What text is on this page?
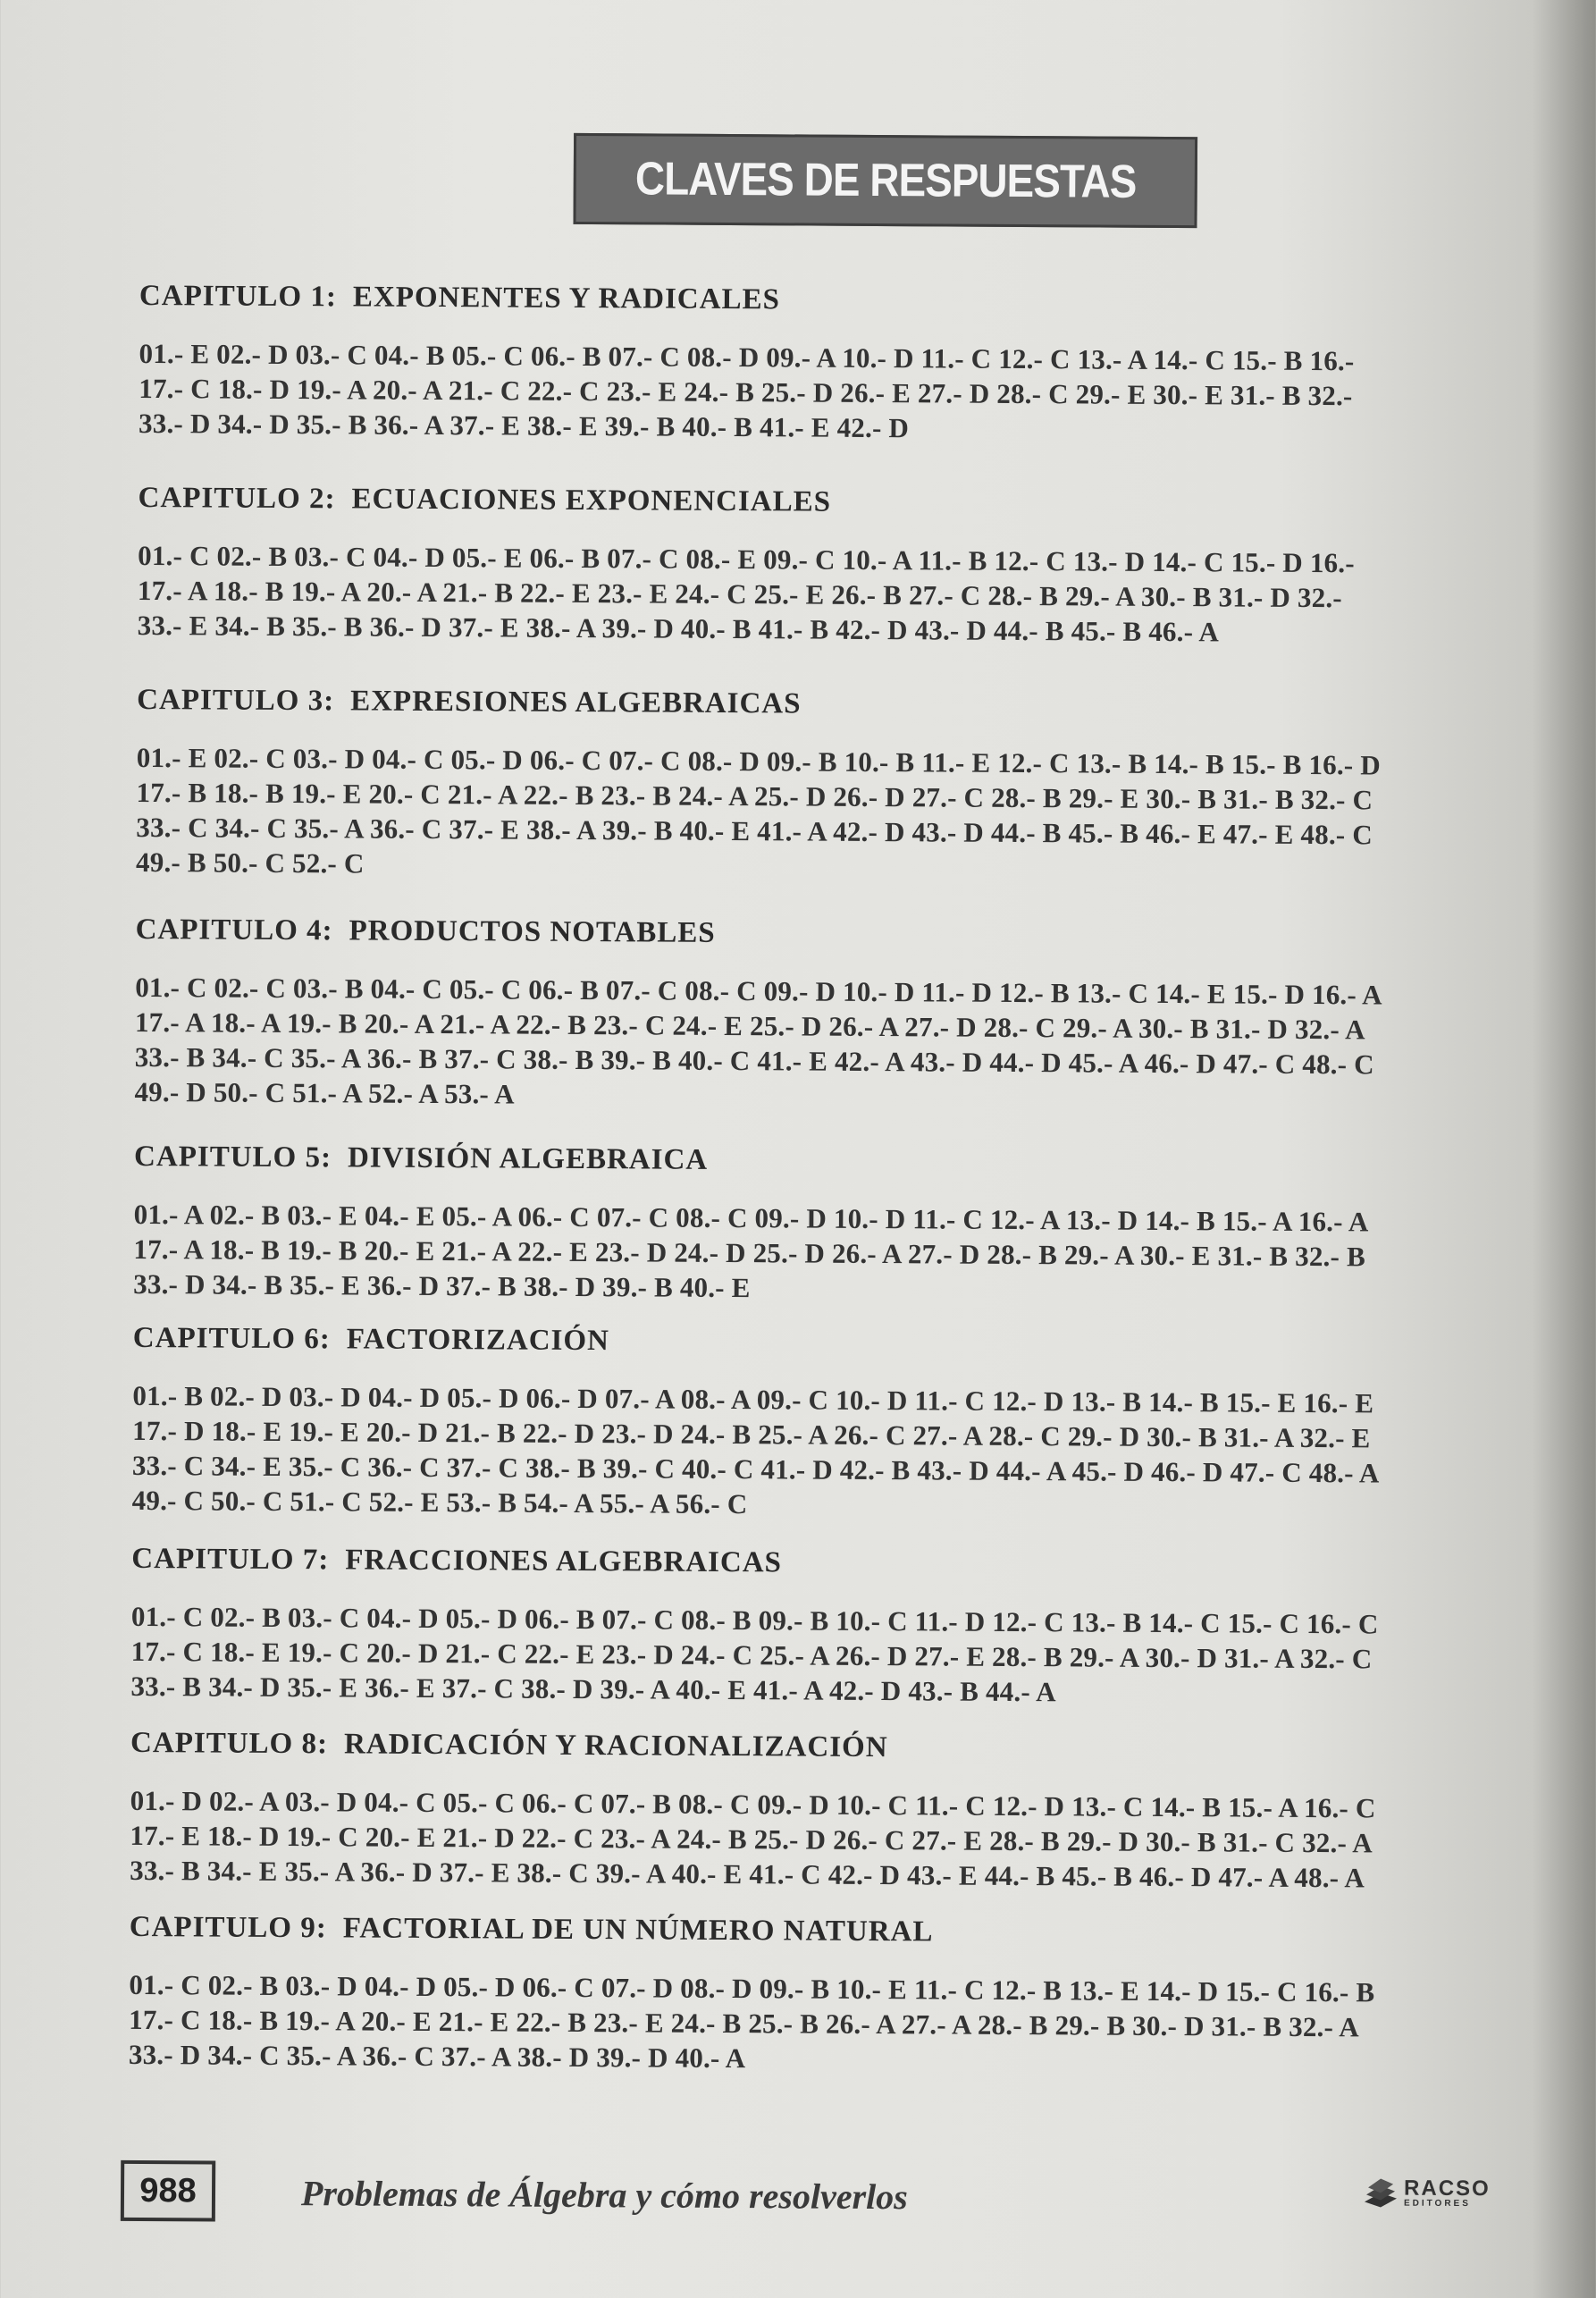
CLAVES DE RESPUESTAS
CAPITULO 1: EXPONENTES Y RADICALES
01.- E 02.- D 03.- C 04.- B 05.- C 06.- B 07.- C 08.- D 09.- A 10.- D 11.- C 12.- C 13.- A 14.- C 15.- B 16.-
17.- C 18.- D 19.- A 20.- A 21.- C 22.- C 23.- E 24.- B 25.- D 26.- E 27.- D 28.- C 29.- E 30.- E 31.- B 32.-
33.- D 34.- D 35.- B 36.- A 37.- E 38.- E 39.- B 40.- B 41.- E 42.- D
CAPITULO 2: ECUACIONES EXPONENCIALES
01.- C 02.- B 03.- C 04.- D 05.- E 06.- B 07.- C 08.- E 09.- C 10.- A 11.- B 12.- C 13.- D 14.- C 15.- D 16.-
17.- A 18.- B 19.- A 20.- A 21.- B 22.- E 23.- E 24.- C 25.- E 26.- B 27.- C 28.- B 29.- A 30.- B 31.- D 32.-
33.- E 34.- B 35.- B 36.- D 37.- E 38.- A 39.- D 40.- B 41.- B 42.- D 43.- D 44.- B 45.- B 46.- A
CAPITULO 3: EXPRESIONES ALGEBRAICAS
01.- E 02.- C 03.- D 04.- C 05.- D 06.- C 07.- C 08.- D 09.- B 10.- B 11.- E 12.- C 13.- B 14.- B 15.- B 16.- D
17.- B 18.- B 19.- E 20.- C 21.- A 22.- B 23.- B 24.- A 25.- D 26.- D 27.- C 28.- B 29.- E 30.- B 31.- B 32.- C
33.- C 34.- C 35.- A 36.- C 37.- E 38.- A 39.- B 40.- E 41.- A 42.- D 43.- D 44.- B 45.- B 46.- E 47.- E 48.- C
49.- B 50.- C 52.- C
CAPITULO 4: PRODUCTOS NOTABLES
01.- C 02.- C 03.- B 04.- C 05.- C 06.- B 07.- C 08.- C 09.- D 10.- D 11.- D 12.- B 13.- C 14.- E 15.- D 16.- A
17.- A 18.- A 19.- B 20.- A 21.- A 22.- B 23.- C 24.- E 25.- D 26.- A 27.- D 28.- C 29.- A 30.- B 31.- D 32.- A
33.- B 34.- C 35.- A 36.- B 37.- C 38.- B 39.- B 40.- C 41.- E 42.- A 43.- D 44.- D 45.- A 46.- D 47.- C 48.- C
49.- D 50.- C 51.- A 52.- A 53.- A
CAPITULO 5: DIVISIÓN ALGEBRAICA
01.- A 02.- B 03.- E 04.- E 05.- A 06.- C 07.- C 08.- C 09.- D 10.- D 11.- C 12.- A 13.- D 14.- B 15.- A 16.- A
17.- A 18.- B 19.- B 20.- E 21.- A 22.- E 23.- D 24.- D 25.- D 26.- A 27.- D 28.- B 29.- A 30.- E 31.- B 32.- B
33.- D 34.- B 35.- E 36.- D 37.- B 38.- D 39.- B 40.- E
CAPITULO 6: FACTORIZACIÓN
01.- B 02.- D 03.- D 04.- D 05.- D 06.- D 07.- A 08.- A 09.- C 10.- D 11.- C 12.- D 13.- B 14.- B 15.- E 16.- E
17.- D 18.- E 19.- E 20.- D 21.- B 22.- D 23.- D 24.- B 25.- A 26.- C 27.- A 28.- C 29.- D 30.- B 31.- A 32.- E
33.- C 34.- E 35.- C 36.- C 37.- C 38.- B 39.- C 40.- C 41.- D 42.- B 43.- D 44.- A 45.- D 46.- D 47.- C 48.- A
49.- C 50.- C 51.- C 52.- E 53.- B 54.- A 55.- A 56.- C
CAPITULO 7: FRACCIONES ALGEBRAICAS
01.- C 02.- B 03.- C 04.- D 05.- D 06.- B 07.- C 08.- B 09.- B 10.- C 11.- D 12.- C 13.- B 14.- C 15.- C 16.- C
17.- C 18.- E 19.- C 20.- D 21.- C 22.- E 23.- D 24.- C 25.- A 26.- D 27.- E 28.- B 29.- A 30.- D 31.- A 32.- C
33.- B 34.- D 35.- E 36.- E 37.- C 38.- D 39.- A 40.- E 41.- A 42.- D 43.- B 44.- A
CAPITULO 8: RADICACIÓN Y RACIONALIZACIÓN
01.- D 02.- A 03.- D 04.- C 05.- C 06.- C 07.- B 08.- C 09.- D 10.- C 11.- C 12.- D 13.- C 14.- B 15.- A 16.- C
17.- E 18.- D 19.- C 20.- E 21.- D 22.- C 23.- A 24.- B 25.- D 26.- C 27.- E 28.- B 29.- D 30.- B 31.- C 32.- A
33.- B 34.- E 35.- A 36.- D 37.- E 38.- C 39.- A 40.- E 41.- C 42.- D 43.- E 44.- B 45.- B 46.- D 47.- A 48.- A
CAPITULO 9: FACTORIAL DE UN NÚMERO NATURAL
01.- C 02.- B 03.- D 04.- D 05.- D 06.- C 07.- D 08.- D 09.- B 10.- E 11.- C 12.- B 13.- E 14.- D 15.- C 16.- B
17.- C 18.- B 19.- A 20.- E 21.- E 22.- B 23.- E 24.- B 25.- B 26.- A 27.- A 28.- B 29.- B 30.- D 31.- B 32.- A
33.- D 34.- C 35.- A 36.- C 37.- A 38.- D 39.- D 40.- A
988	Problemas de Álgebra y cómo resolverlos	RACSO
EDITORES
